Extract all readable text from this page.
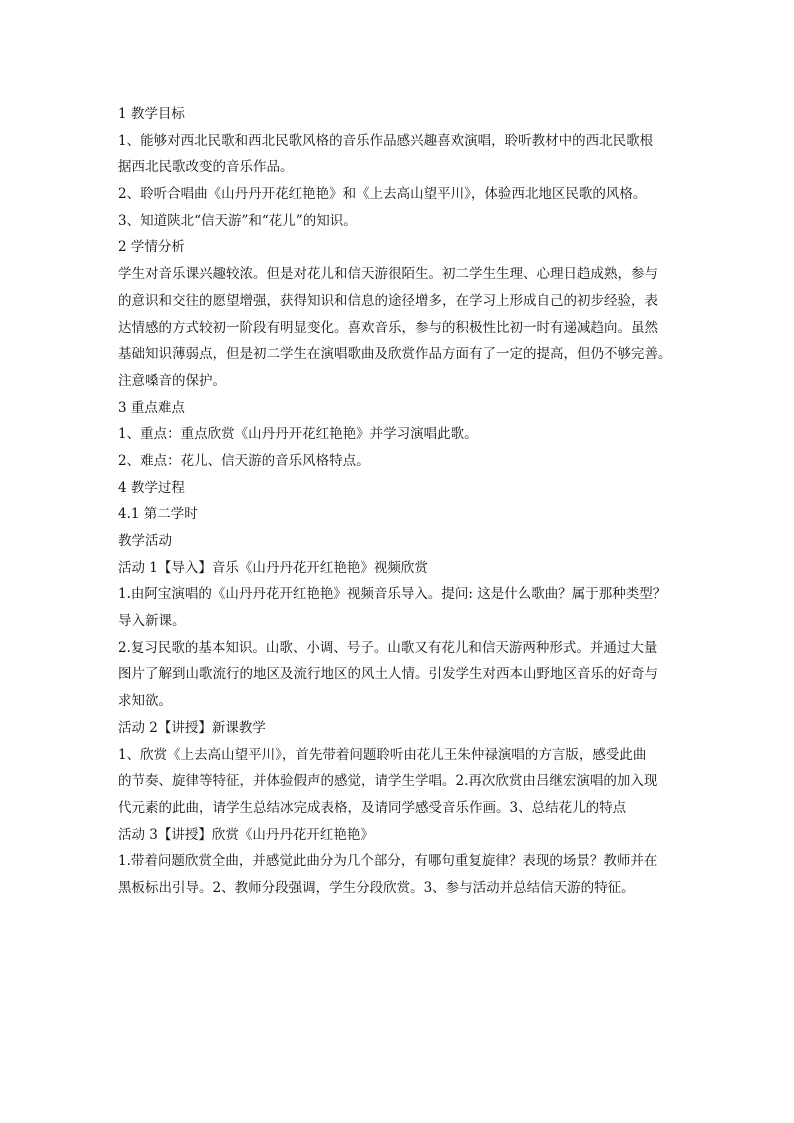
1 教学目标
1、能够对西北民歌和西北民歌风格的音乐作品感兴趣喜欢演唱，聆听教材中的西北民歌根
据西北民歌改变的音乐作品。
2、聆听合唱曲《山丹丹开花红艳艳》和《上去高山望平川》，体验西北地区民歌的风格。
3、知道陕北“信天游”和“花儿”的知识。
2 学情分析
学生对音乐课兴趣较浓。但是对花儿和信天游很陌生。初二学生生理、心理日趋成熟，参与
的意识和交往的愿望增强，获得知识和信息的途径增多，在学习上形成自己的初步经验，表
达情感的方式较初一阶段有明显变化。喜欢音乐，参与的积极性比初一时有递减趋向。虽然
基础知识薄弱点，但是初二学生在演唱歌曲及欣赏作品方面有了一定的提高，但仍不够完善。
注意嗓音的保护。
3 重点难点
1、重点：重点欣赏《山丹丹开花红艳艳》并学习演唱此歌。
2、难点：花儿、信天游的音乐风格特点。
4 教学过程
4.1 第二学时
教学活动
活动 1【导入】音乐《山丹丹花开红艳艳》视频欣赏
1.由阿宝演唱的《山丹丹花开红艳艳》视频音乐导入。提问: 这是什么歌曲？属于那种类型？
导入新课。
2.复习民歌的基本知识。山歌、小调、号子。山歌又有花儿和信天游两种形式。并通过大量
图片了解到山歌流行的地区及流行地区的风土人情。引发学生对西本山野地区音乐的好奇与
求知欲。
活动 2【讲授】新课教学
1、欣赏《上去高山望平川》，首先带着问题聆听由花儿王朱仲禄演唱的方言版，感受此曲
的节奏、旋律等特征，并体验假声的感觉，请学生学唱。2.再次欣赏由吕继宏演唱的加入现
代元素的此曲，请学生总结冰完成表格，及请同学感受音乐作画。3、总结花儿的特点
活动 3【讲授】欣赏《山丹丹花开红艳艳》
1.带着问题欣赏全曲，并感觉此曲分为几个部分，有哪句重复旋律？表现的场景？教师并在
黑板标出引导。2、教师分段强调，学生分段欣赏。3、参与活动并总结信天游的特征。
